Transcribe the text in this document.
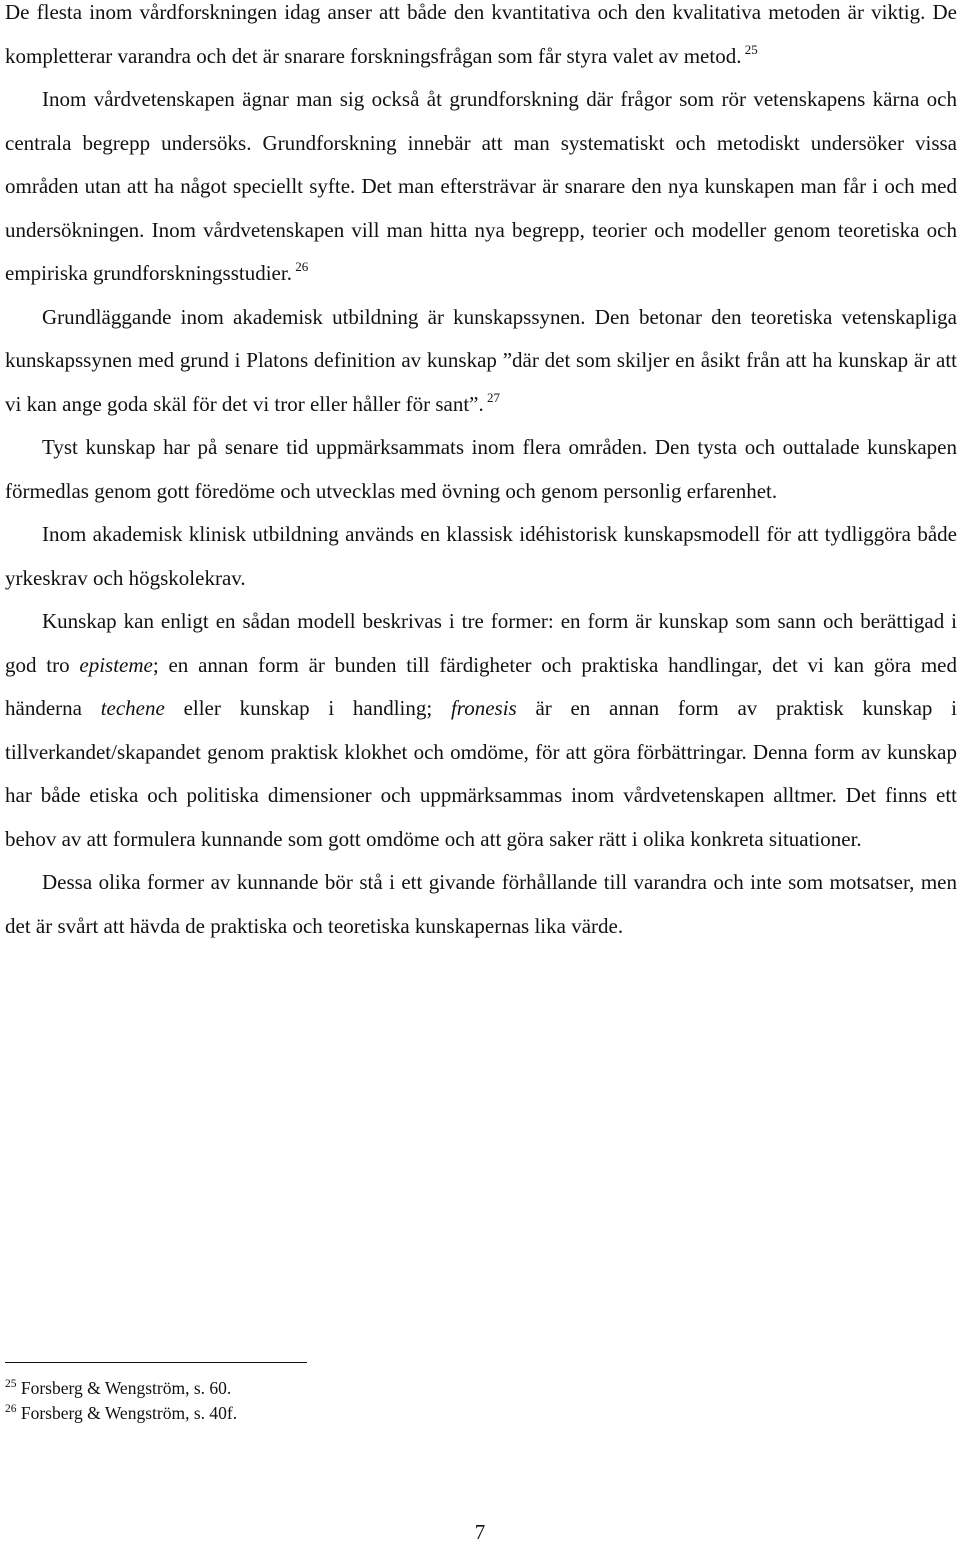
De flesta inom vårdforskningen idag anser att både den kvantitativa och den kvalitativa metoden är viktig. De kompletterar varandra och det är snarare forskningsfrågan som får styra valet av metod. $^{25}$

Inom vårdvetenskapen ägnar man sig också åt grundforskning där frågor som rör vetenskapens kärna och centrala begrepp undersöks. Grundforskning innebär att man systematiskt och metodiskt undersöker vissa områden utan att ha något speciellt syfte. Det man eftersträvar är snarare den nya kunskapen man får i och med undersökningen. Inom vårdvetenskapen vill man hitta nya begrepp, teorier och modeller genom teoretiska och empiriska grundforskningsstudier. $^{26}$

Grundläggande inom akademisk utbildning är kunskapssynen. Den betonar den teoretiska vetenskapliga kunskapssynen med grund i Platons definition av kunskap ”där det som skiljer en åsikt från att ha kunskap är att vi kan ange goda skäl för det vi tror eller håller för sant”. $^{27}$

Tyst kunskap har på senare tid uppmärksammats inom flera områden. Den tysta och outtalade kunskapen förmedlas genom gott föredöme och utvecklas med övning och genom personlig erfarenhet.

Inom akademisk klinisk utbildning används en klassisk idéhistorisk kunskapsmodell för att tydliggöra både yrkeskrav och högskolekrav.

Kunskap kan enligt en sådan modell beskrivas i tre former: en form är kunskap som sann och berättigad i god tro episteme; en annan form är bunden till färdigheter och praktiska handlingar, det vi kan göra med händerna techene eller kunskap i handling; fronesis är en annan form av praktisk kunskap i tillverkandet/skapandet genom praktisk klokhet och omdöme, för att göra förbättringar. Denna form av kunskap har både etiska och politiska dimensioner och uppmärksammas inom vårdvetenskapen alltmer. Det finns ett behov av att formulera kunnande som gott omdöme och att göra saker rätt i olika konkreta situationer.

Dessa olika former av kunnande bör stå i ett givande förhållande till varandra och inte som motsatser, men det är svårt att hävda de praktiska och teoretiska kunskapernas lika värde.

$^{25}$ Forsberg & Wengström, s. 60.

$^{26}$ Forsberg & Wengström, s. 40f.

7
